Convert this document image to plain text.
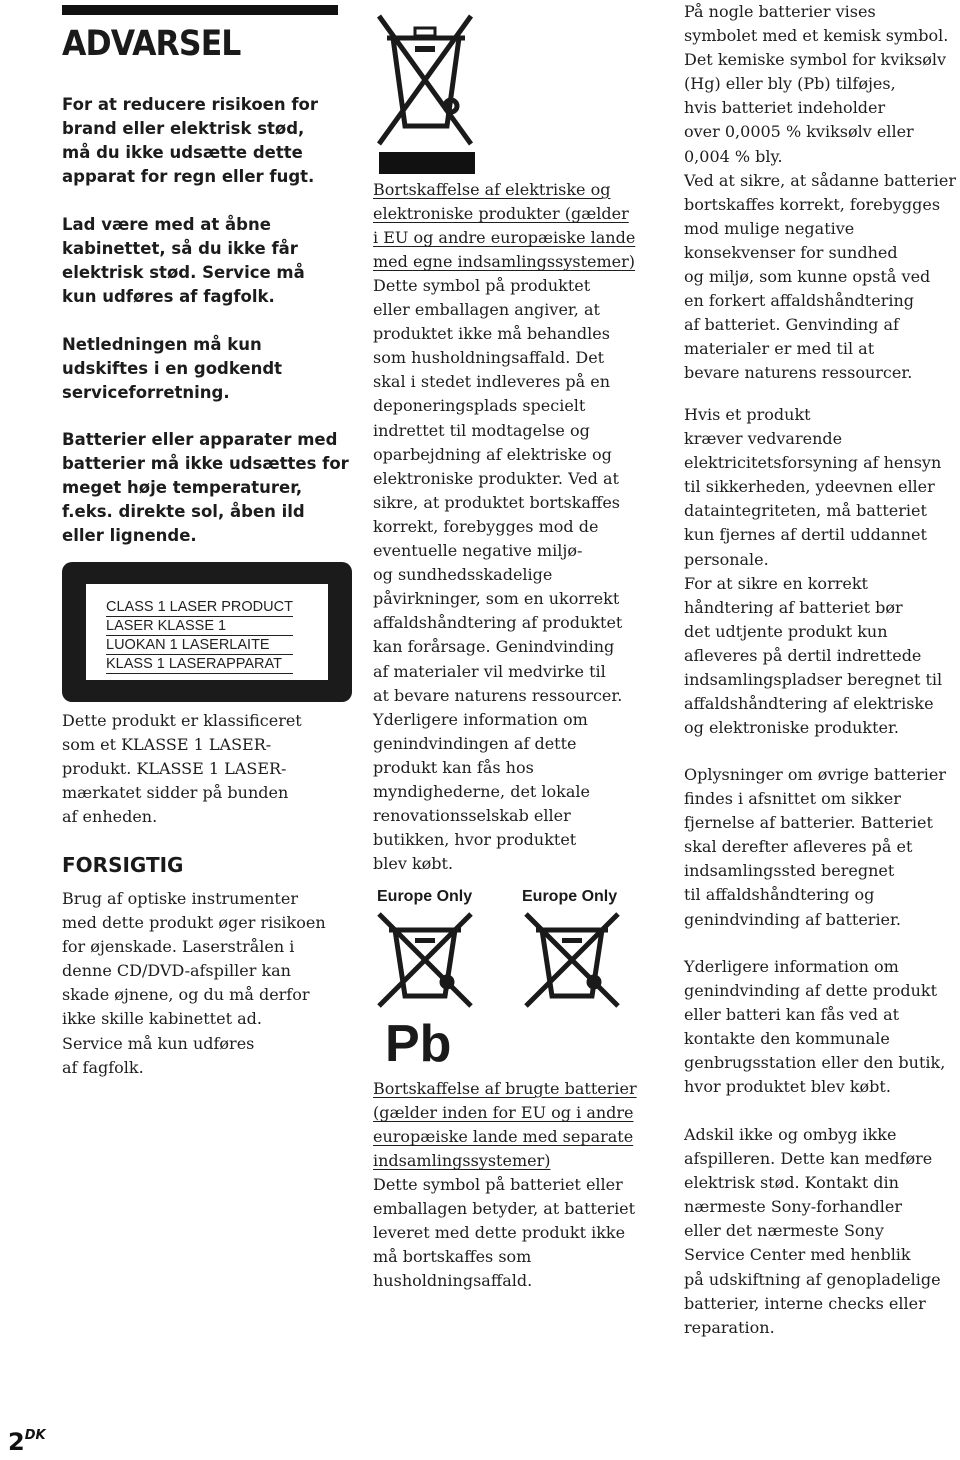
ADVARSEL
For at reducere risikoen for
brand eller elektrisk stød,
må du ikke udsætte dette
apparat for regn eller fugt.
Lad være med at åbne
kabinettet, så du ikke får
elektrisk stød. Service må
kun udføres af fagfolk.
Netledningen må kun
udskiftes i en godkendt
serviceforretning.
Batterier eller apparater med
batterier må ikke udsættes for
meget høje temperaturer,
f.eks. direkte sol, åben ild
eller lignende.
CLASS 1 LASER PRODUCT
LASER KLASSE 1
LUOKAN 1 LASERLAITE
KLASS 1 LASERAPPARAT
Dette produkt er klassificeret
som et KLASSE 1 LASER-
produkt. KLASSE 1 LASER-
mærkatet sidder på bunden
af enheden.
FORSIGTIG
Brug af optiske instrumenter
med dette produkt øger risikoen
for øjenskade. Laserstrålen i
denne CD/DVD-afspiller kan
skade øjnene, og du må derfor
ikke skille kabinettet ad.
Service må kun udføres
af fagfolk.
Bortskaffelse af elektriske og
elektroniske produkter (gælder
i EU og andre europæiske lande
med egne indsamlingssystemer)
Dette symbol på produktet
eller emballagen angiver, at
produktet ikke må behandles
som husholdningsaffald. Det
skal i stedet indleveres på en
deponeringsplads specielt
indrettet til modtagelse og
oparbejdning af elektriske og
elektroniske produkter. Ved at
sikre, at produktet bortskaffes
korrekt, forebygges mod de
eventuelle negative miljø-
og sundhedsskadelige
påvirkninger, som en ukorrekt
affaldshåndtering af produktet
kan forårsage. Genindvinding
af materialer vil medvirke til
at bevare naturens ressourcer.
Yderligere information om
genindvindingen af dette
produkt kan fås hos
myndighederne, det lokale
renovationsselskab eller
butikken, hvor produktet
blev købt.
Europe Only	Europe Only
Pb
Bortskaffelse af brugte batterier
(gælder inden for EU og i andre
europæiske lande med separate
indsamlingssystemer)
Dette symbol på batteriet eller
emballagen betyder, at batteriet
leveret med dette produkt ikke
må bortskaffes som
husholdningsaffald.
På nogle batterier vises
symbolet med et kemisk symbol.
Det kemiske symbol for kviksølv
(Hg) eller bly (Pb) tilføjes,
hvis batteriet indeholder
over 0,0005 % kviksølv eller
0,004 % bly.
Ved at sikre, at sådanne batterier
bortskaffes korrekt, forebygges
mod mulige negative
konsekvenser for sundhed
og miljø, som kunne opstå ved
en forkert affaldshåndtering
af batteriet. Genvinding af
materialer er med til at
bevare naturens ressourcer.
Hvis et produkt
kræver vedvarende
elektricitetsforsyning af hensyn
til sikkerheden, ydeevnen eller
dataintegriteten, må batteriet
kun fjernes af dertil uddannet
personale.
For at sikre en korrekt
håndtering af batteriet bør
det udtjente produkt kun
afleveres på dertil indrettede
indsamlingspladser beregnet til
affaldshåndtering af elektriske
og elektroniske produkter.
Oplysninger om øvrige batterier
findes i afsnittet om sikker
fjernelse af batterier. Batteriet
skal derefter afleveres på et
indsamlingssted beregnet
til affaldshåndtering og
genindvinding af batterier.
Yderligere information om
genindvinding af dette produkt
eller batteri kan fås ved at
kontakte den kommunale
genbrugsstation eller den butik,
hvor produktet blev købt.
Adskil ikke og ombyg ikke
afspilleren. Dette kan medføre
elektrisk stød. Kontakt din
nærmeste Sony-forhandler
eller det nærmeste Sony
Service Center med henblik
på udskiftning af genopladelige
batterier, interne checks eller
reparation.
$2^{DK}$
